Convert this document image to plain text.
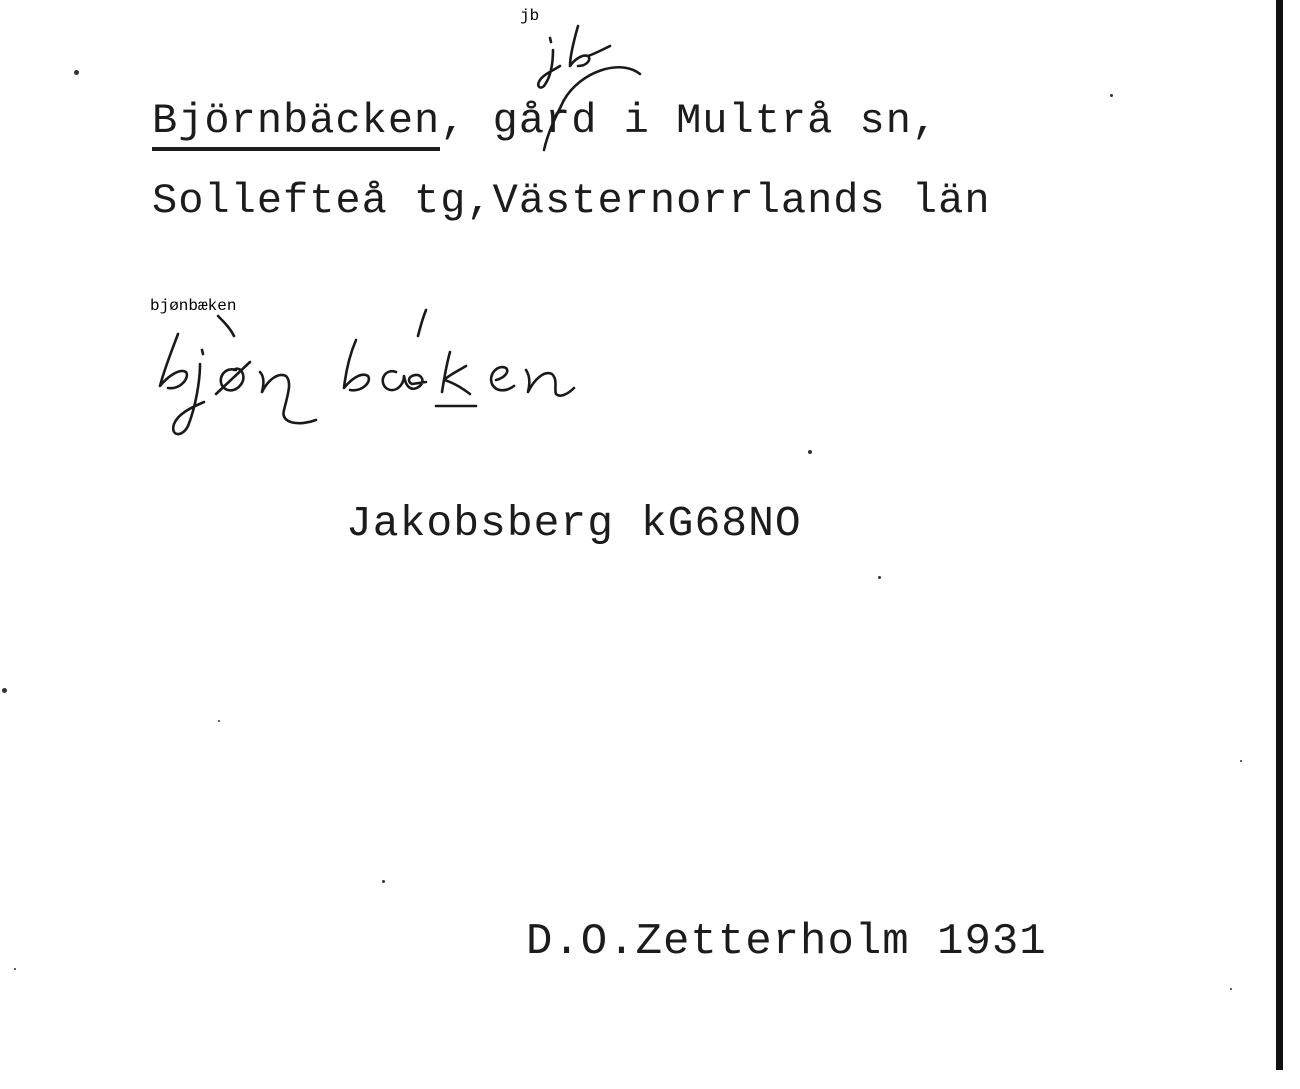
Björnbäcken, gård i Multrå sn,
Sollefteå tg,Västernorrlands län
jb
bjønbæken
Jakobsberg kG68NO
D.O.Zetterholm 1931
